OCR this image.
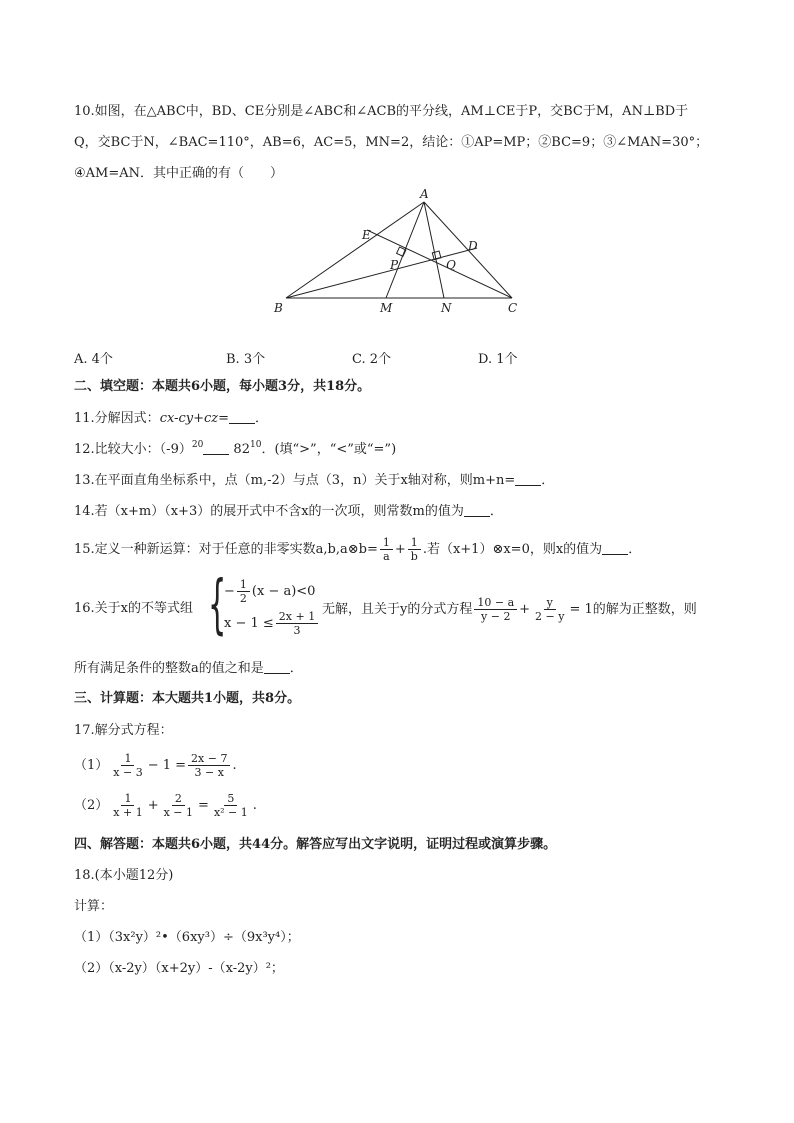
10.如图，在△ABC中，BD、CE分别是∠ABC和∠ACB的平分线，AM⊥CE于P，交BC于M，AN⊥BD于
Q，交BC于N，∠BAC=110°，AB=6，AC=5，MN=2，结论：①AP=MP；②BC=9；③∠MAN=30°；
④AM=AN．其中正确的有（　　）
A
E
D
P	Q
B	M	N	C
A. 4个	B. 3个	C. 2个	D. 1个
二、填空题：本题共6小题，每小题3分，共18分。
11.分解因式：cx-cy+cz= ．
12.比较大小：$(-9)^{20}$ $82^{10}$．(填“>”，“<”或“=”)
13.在平面直角坐标系中，点（m,-2）与点（3，n）关于x轴对称，则m+n= ．
14.若（x+m）（x+3）的展开式中不含x的一次项，则常数m的值为 ．
15.定义一种新运算：对于任意的非零实数a,b,a⊗b= $\frac{1}{a} + \frac{1}{b}$ .若（x+1）⊗x=0，则x的值为 ．
16.关于x的不等式组 {
− $\frac{1}{2} (x - a)<0$
$x - 1 \le \frac{2x + 1}{3}$
无解，且关于y的分式方程 $\frac{10 - a}{y - 2} + \frac{y}{2 - y} = 1$的解为正整数，则
所有满足条件的整数a的值之和是 ．
三、计算题：本大题共1小题，共8分。
17.解分式方程：
$(1) \frac{1}{x - 3} - 1 = \frac{2x - 7}{3 - x}$ .
$(2) \frac{1}{x + 1} + \frac{2}{x - 1} = \frac{5}{\text{x² − 1}}$ .
四、解答题：本题共6小题，共44分。解答应写出文字说明，证明过程或演算步骤。
18.(本小题12分)
计算：
（1）（3x²y）²•（6xy³）÷（9x³y⁴）；
（2）（x-2y）（x+2y）-（x-2y）²；
